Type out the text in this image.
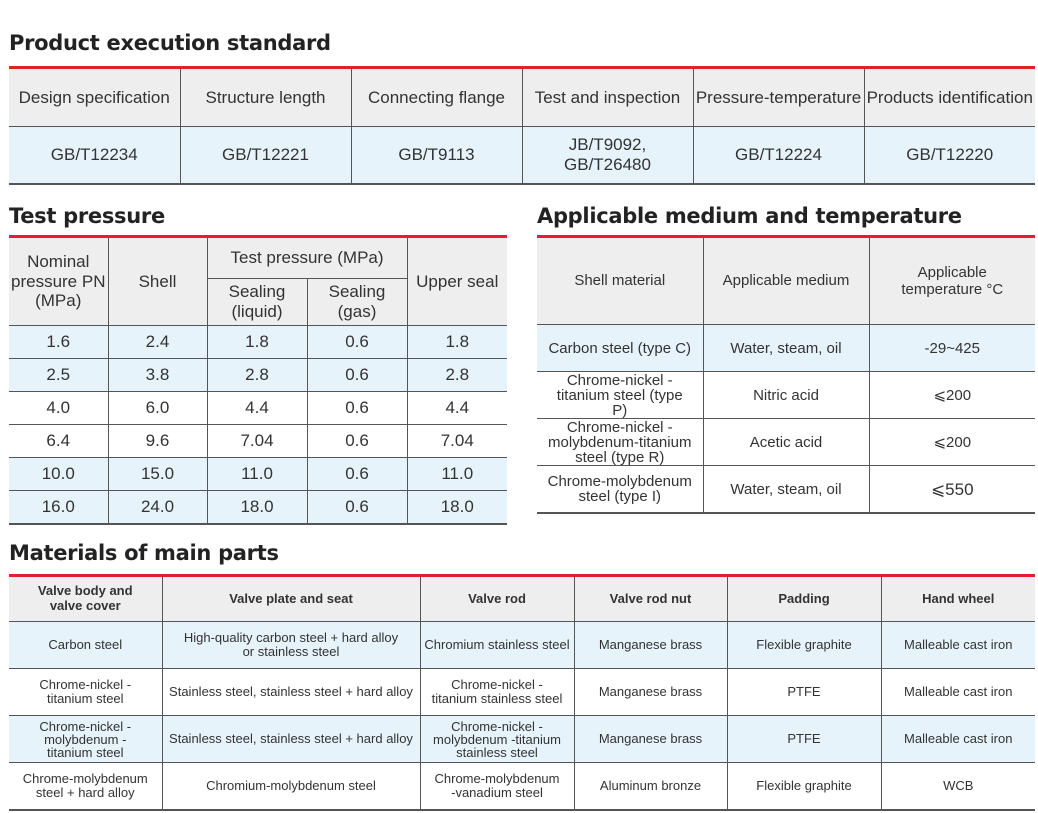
Product execution standard
Design specification	Structure length	Connecting flange	Test and inspection	Pressure-temperature	Products identification
GB/T12234	GB/T12221	GB/T9113	JB/T9092, GB/T26480	GB/T12224	GB/T12220
Test pressure
Nominal pressure PN (MPa)	Shell	Test pressure (MPa)		Upper seal
		Sealing (liquid)	Sealing (gas)	
1.6	2.4	1.8	0.6	1.8
2.5	3.8	2.8	0.6	2.8
4.0	6.0	4.4	0.6	4.4
6.4	9.6	7.04	0.6	7.04
10.0	15.0	11.0	0.6	11.0
16.0	24.0	18.0	0.6	18.0
Applicable medium and temperature
Shell material	Applicable medium	Applicable temperature °C
Carbon steel (type C)	Water, steam, oil	-29~425
Chrome-nickel -titanium steel (type P)	Nitric acid	⩽200
Chrome-nickel -molybdenum-titanium steel (type R)	Acetic acid	⩽200
Chrome-molybdenum steel (type I)	Water, steam, oil	⩽550
Materials of main parts
Valve body and valve cover	Valve plate and seat	Valve rod	Valve rod nut	Padding	Hand wheel
Carbon steel	High-quality carbon steel + hard alloy or stainless steel	Chromium stainless steel	Manganese brass	Flexible graphite	Malleable cast iron
Chrome-nickel -titanium steel	Stainless steel, stainless steel + hard alloy	Chrome-nickel -titanium stainless steel	Manganese brass	PTFE	Malleable cast iron
Chrome-nickel -molybdenum -titanium steel	Stainless steel, stainless steel + hard alloy	Chrome-nickel -molybdenum -titanium stainless steel	Manganese brass	PTFE	Malleable cast iron
Chrome-molybdenum steel + hard alloy	Chromium-molybdenum steel	Chrome-molybdenum -vanadium steel	Aluminum bronze	Flexible graphite	WCB
